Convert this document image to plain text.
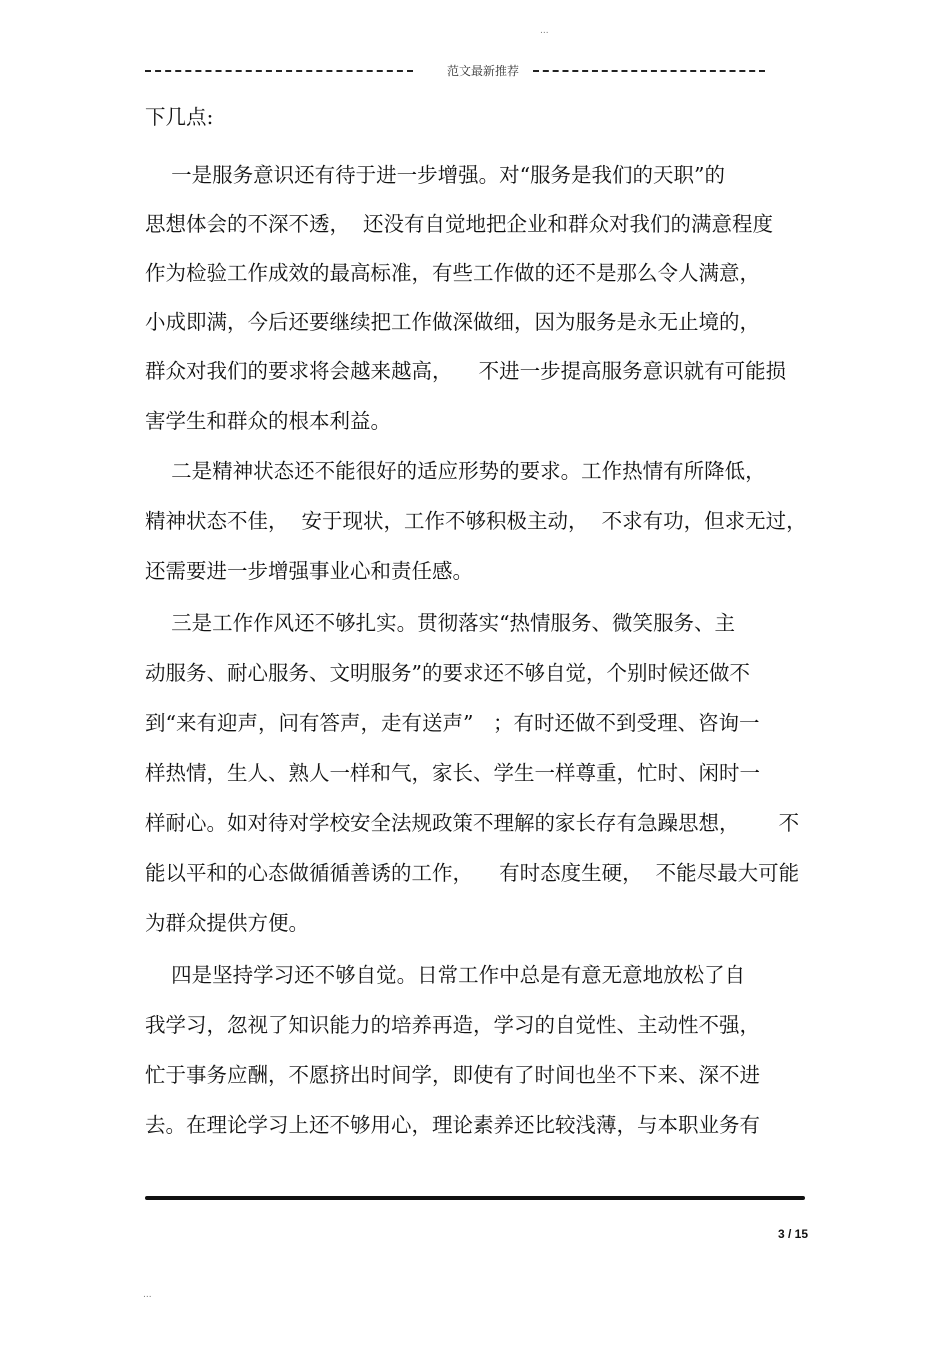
...
范文最新推荐
下几点:
一是服务意识还有待于进一步增强。对“服务是我们的天职”的
思想体会的不深不透，  还没有自觉地把企业和群众对我们的满意程度
作为检验工作成效的最高标准，有些工作做的还不是那么令人满意，
小成即满，今后还要继续把工作做深做细，因为服务是永无止境的，
群众对我们的要求将会越来越高，    不进一步提高服务意识就有可能损
害学生和群众的根本利益。
二是精神状态还不能很好的适应形势的要求。工作热情有所降低，
精神状态不佳，  安于现状，工作不够积极主动，  不求有功，但求无过，
还需要进一步增强事业心和责任感。
三是工作作风还不够扎实。贯彻落实“热情服务、微笑服务、主
动服务、耐心服务、文明服务”的要求还不够自觉，个别时候还做不
到“来有迎声，问有答声，走有送声”   ；有时还做不到受理、咨询一
样热情，生人、熟人一样和气，家长、学生一样尊重，忙时、闲时一
样耐心。如对待对学校安全法规政策不理解的家长存有急躁思想，      不
能以平和的心态做循循善诱的工作，    有时态度生硬，  不能尽最大可能
为群众提供方便。
四是坚持学习还不够自觉。日常工作中总是有意无意地放松了自
我学习，忽视了知识能力的培养再造，学习的自觉性、主动性不强，
忙于事务应酬，不愿挤出时间学，即使有了时间也坐不下来、深不进
去。在理论学习上还不够用心，理论素养还比较浅薄，与本职业务有
3 / 15
...
